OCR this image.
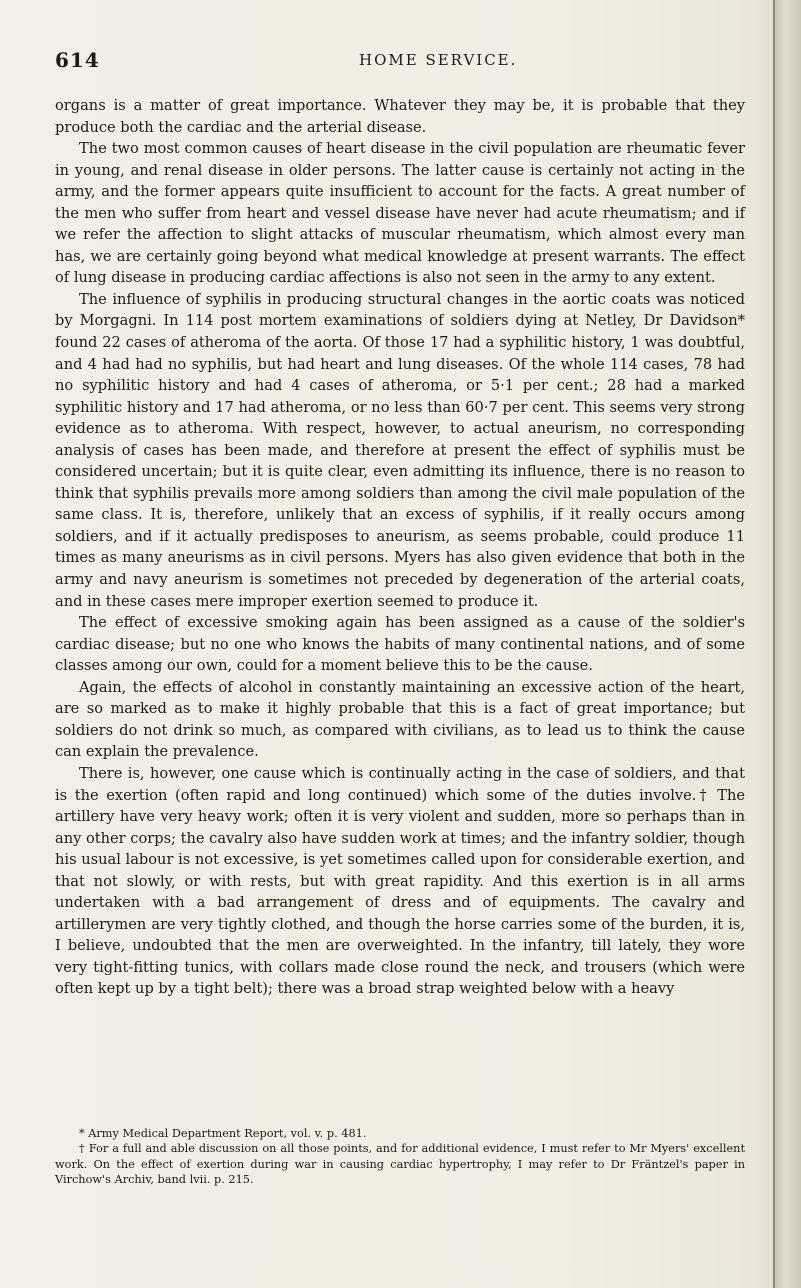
614	HOME SERVICE.

organs is a matter of great importance. Whatever they may be, it is probable that they produce both the cardiac and the arterial disease.

The two most common causes of heart disease in the civil population are rheumatic fever in young, and renal disease in older persons. The latter cause is certainly not acting in the army, and the former appears quite insufficient to account for the facts. A great number of the men who suffer from heart and vessel disease have never had acute rheumatism; and if we refer the affection to slight attacks of muscular rheumatism, which almost every man has, we are certainly going beyond what medical knowledge at present warrants. The effect of lung disease in producing cardiac affections is also not seen in the army to any extent.

The influence of syphilis in producing structural changes in the aortic coats was noticed by Morgagni. In 114 post mortem examinations of soldiers dying at Netley, Dr Davidson* found 22 cases of atheroma of the aorta. Of those 17 had a syphilitic history, 1 was doubtful, and 4 had had no syphilis, but had heart and lung diseases. Of the whole 114 cases, 78 had no syphilitic history and had 4 cases of atheroma, or 5·1 per cent.; 28 had a marked syphilitic history and 17 had atheroma, or no less than 60·7 per cent. This seems very strong evidence as to atheroma. With respect, however, to actual aneurism, no corresponding analysis of cases has been made, and therefore at present the effect of syphilis must be considered uncertain; but it is quite clear, even admitting its influence, there is no reason to think that syphilis prevails more among soldiers than among the civil male population of the same class. It is, therefore, unlikely that an excess of syphilis, if it really occurs among soldiers, and if it actually predisposes to aneurism, as seems probable, could produce 11 times as many aneurisms as in civil persons. Myers has also given evidence that both in the army and navy aneurism is sometimes not preceded by degeneration of the arterial coats, and in these cases mere improper exertion seemed to produce it.

The effect of excessive smoking again has been assigned as a cause of the soldier's cardiac disease; but no one who knows the habits of many continental nations, and of some classes among our own, could for a moment believe this to be the cause.

Again, the effects of alcohol in constantly maintaining an excessive action of the heart, are so marked as to make it highly probable that this is a fact of great importance; but soldiers do not drink so much, as compared with civilians, as to lead us to think the cause can explain the prevalence.

There is, however, one cause which is continually acting in the case of soldiers, and that is the exertion (often rapid and long continued) which some of the duties involve.† The artillery have very heavy work; often it is very violent and sudden, more so perhaps than in any other corps; the cavalry also have sudden work at times; and the infantry soldier, though his usual labour is not excessive, is yet sometimes called upon for considerable exertion, and that not slowly, or with rests, but with great rapidity. And this exertion is in all arms undertaken with a bad arrangement of dress and of equipments. The cavalry and artillerymen are very tightly clothed, and though the horse carries some of the burden, it is, I believe, undoubted that the men are overweighted. In the infantry, till lately, they wore very tight-fitting tunics, with collars made close round the neck, and trousers (which were often kept up by a tight belt); there was a broad strap weighted below with a heavy

* Army Medical Department Report, vol. v. p. 481.

† For a full and able discussion on all those points, and for additional evidence, I must refer to Mr Myers' excellent work. On the effect of exertion during war in causing cardiac hypertrophy, I may refer to Dr Fräntzel's paper in Virchow's Archiv, band lvii. p. 215.
